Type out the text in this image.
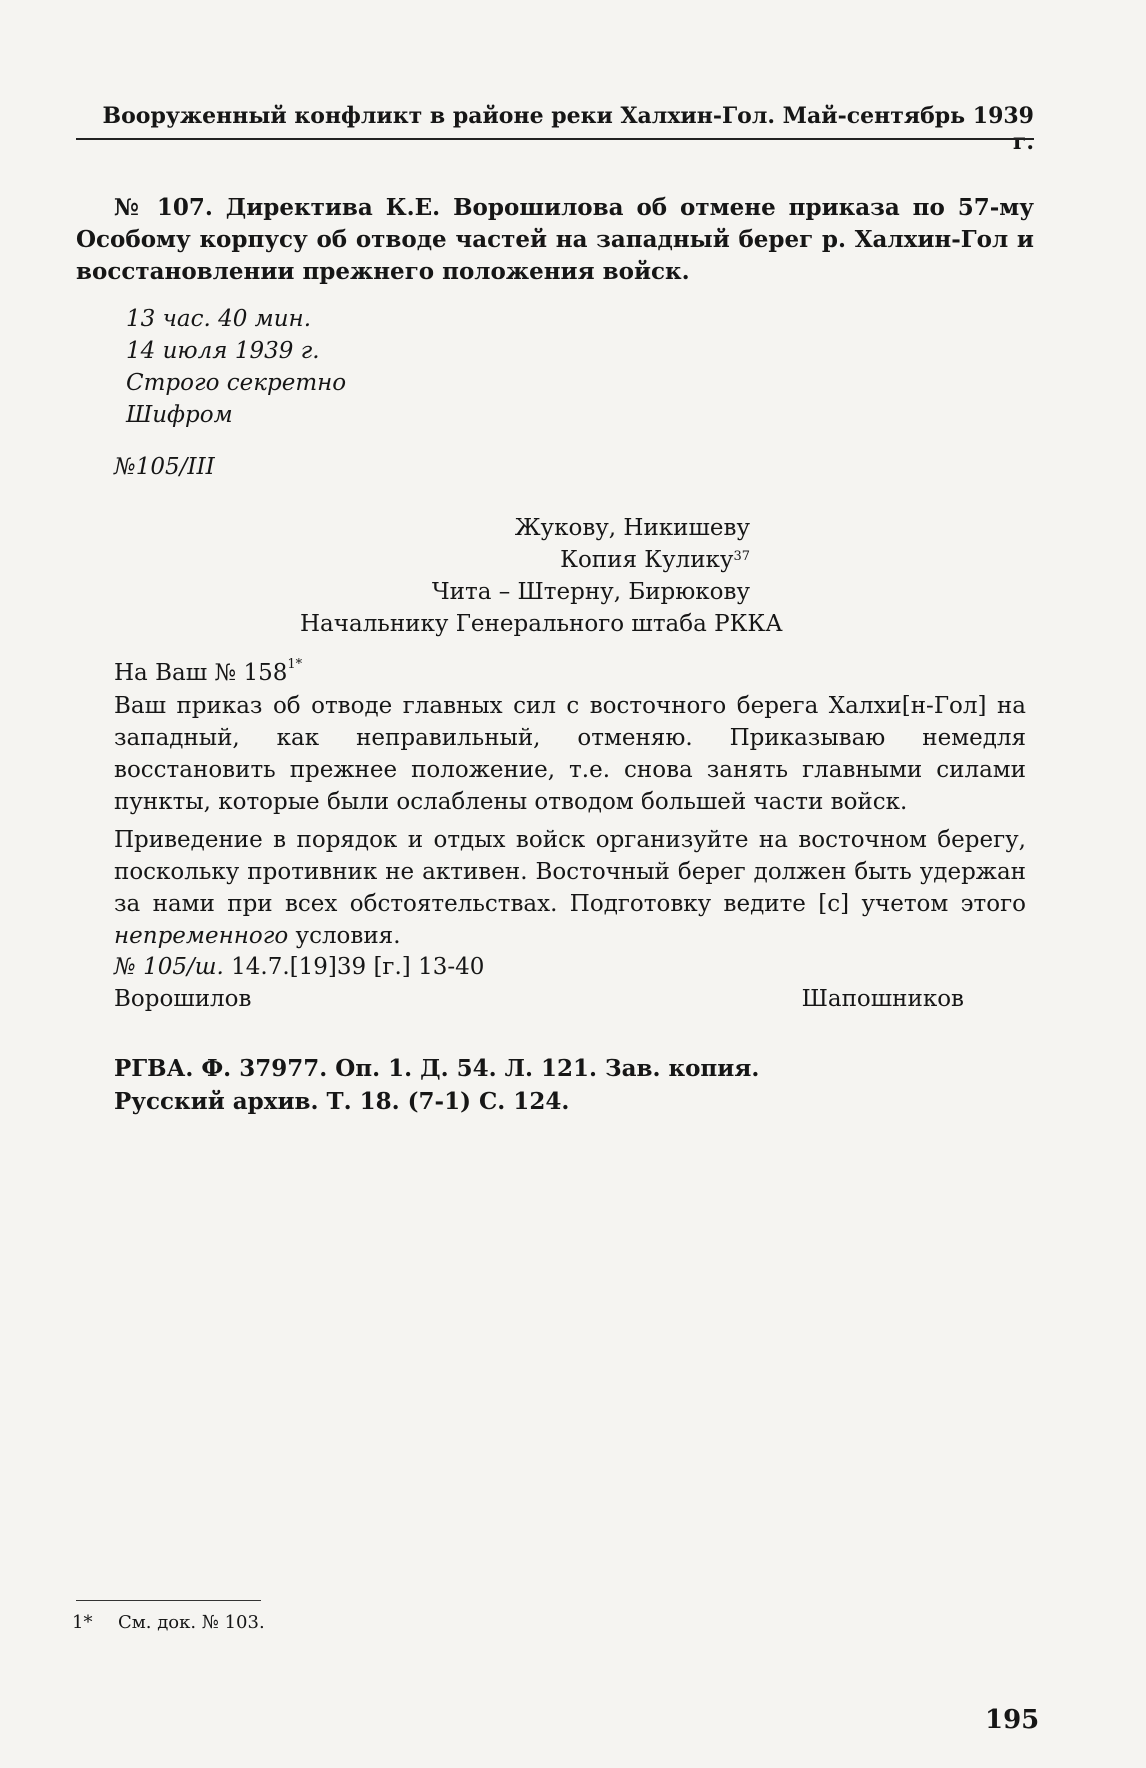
Вооруженный конфликт в районе реки Халхин-Гол. Май-сентябрь 1939 г.
№ 107. Директива К.Е. Ворошилова об отмене приказа по 57-му Особому корпусу об отводе частей на западный берег р. Халхин-Гол и восстановлении прежнего положения войск.
13 час. 40 мин.
14 июля 1939 г.
Строго секретно
Шифром
№105/III
Жукову, Никишеву
Копия Кулику$^{37}$
Чита – Штерну, Бирюкову
Начальнику Генерального штаба РККА
На Ваш № $158^{1*}$

Ваш приказ об отводе главных сил с восточного берега Халхи[н-Гол] на западный, как неправильный, отменяю. Приказываю немедля восстановить прежнее положение, т.е. снова занять главными силами пункты, которые были ослаблены отводом большей части войск.

Приведение в порядок и отдых войск организуйте на восточном берегу, поскольку противник не активен. Восточный берег должен быть удержан за нами при всех обстоятельствах. Подготовку ведите [с] учетом этого непременного условия.

№ 105/ш. 14.7.[19]39 [г.] 13-40
Ворошилов	Шапошников
РГВА. Ф. 37977. Оп. 1. Д. 54. Л. 121. Зав. копия.
Русский архив. Т. 18. (7-1) С. 124.
1* См. док. № 103.
195
